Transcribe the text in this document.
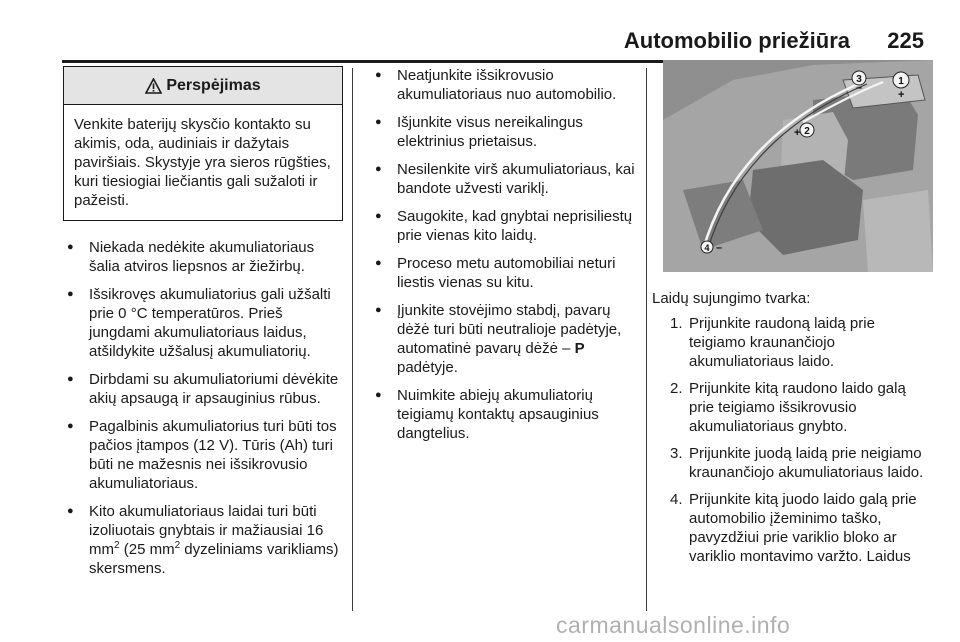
Automobilio priežiūra 225
Perspėjimas
Venkite baterijų skysčio kontakto su akimis, oda, audiniais ir dažytais paviršiais. Skystyje yra sieros rūgšties, kuri tiesiogiai liečiantis gali sužaloti ir pažeisti.
● Niekada nedėkite akumuliatoriaus šalia atviros liepsnos ar žiežirbų.
● Išsikrovęs akumuliatorius gali užšalti prie 0 °C temperatūros. Prieš jungdami akumuliatoriaus laidus, atšildykite užšalusį akumuliatorių.
● Dirbdami su akumuliatoriumi dėvėkite akių apsaugą ir apsauginius rūbus.
● Pagalbinis akumuliatorius turi būti tos pačios įtampos (12 V). Tūris (Ah) turi būti ne mažesnis nei išsikrovusio akumuliatoriaus.
● Kito akumuliatoriaus laidai turi būti izoliuotais gnybtais ir mažiausiai 16 $mm^2$ (25 $mm^2$ dyzeliniams varikliams) skersmens.
● Neatjunkite išsikrovusio akumuliatoriaus nuo automobilio.
● Išjunkite visus nereikalingus elektrinius prietaisus.
● Nesilenkite virš akumuliatoriaus, kai bandote užvesti variklį.
● Saugokite, kad gnybtai neprisiliestų prie vienas kito laidų.
● Proceso metu automobiliai neturi liestis vienas su kitu.
● Įjunkite stovėjimo stabdį, pavarų dėžė turi būti neutralioje padėtyje, automatinė pavarų dėžė – P padėtyje.
● Nuimkite abiejų akumuliatorių teigiamų kontaktų apsauginius dangtelius.
1
+
2
+
3
–
4 –
Laidų sujungimo tvarka:
1. Prijunkite raudoną laidą prie teigiamo kraunančiojo akumuliatoriaus laido.
2. Prijunkite kitą raudono laido galą prie teigiamo išsikrovusio akumuliatoriaus gnybto.
3. Prijunkite juodą laidą prie neigiamo kraunančiojo akumuliatoriaus laido.
4. Prijunkite kitą juodo laido galą prie automobilio įžeminimo taško, pavyzdžiui prie variklio bloko ar variklio montavimo varžto. Laidus
carmanualsonline.info
